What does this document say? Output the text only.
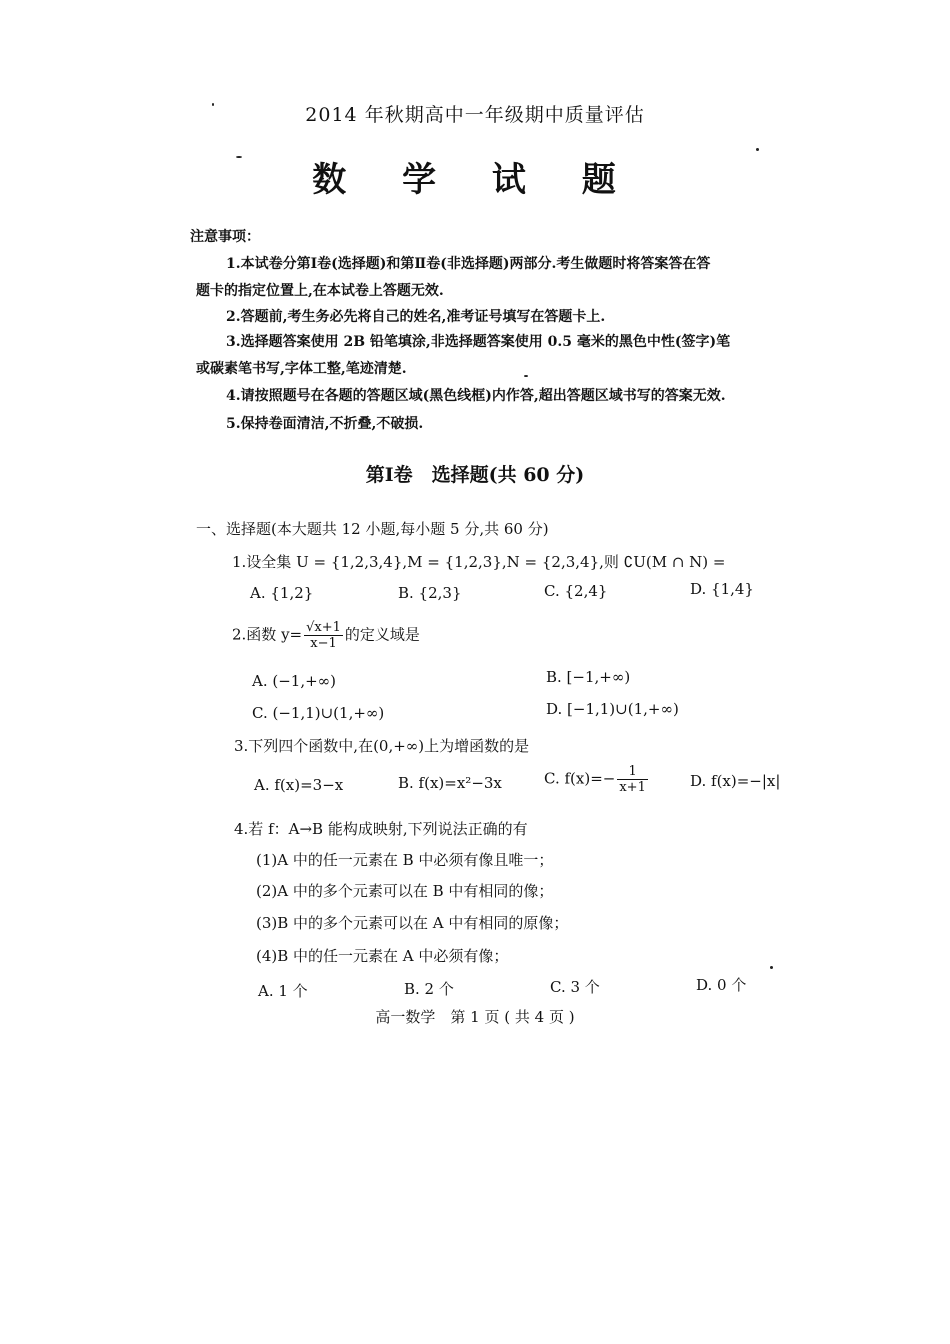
2014 年秋期高中一年级期中质量评估
数 学 试 题
注意事项：
1.本试卷分第Ⅰ卷(选择题)和第Ⅱ卷(非选择题)两部分.考生做题时将答案答在答
题卡的指定位置上,在本试卷上答题无效.
2.答题前,考生务必先将自己的姓名,准考证号填写在答题卡上.
3.选择题答案使用 2B 铅笔填涂,非选择题答案使用 0.5 毫米的黑色中性(签字)笔
或碳素笔书写,字体工整,笔迹清楚.
4.请按照题号在各题的答题区域(黑色线框)内作答,超出答题区域书写的答案无效.
5.保持卷面清洁,不折叠,不破损.
第Ⅰ卷　选择题(共 60 分)
一、选择题(本大题共 12 小题,每小题 5 分,共 60 分)
1.设全集 U = {1,2,3,4},M = {1,2,3},N = {2,3,4},则 ∁U(M ∩ N) =
A. {1,2}	B. {2,3}	C. {2,4}	D. {1,4}
2.函数 $y= \frac{√x+1}{x-1}$ 的定义域是
A. (−1,+∞)	B. [−1,+∞)
C. (−1,1)∪(1,+∞)	D. [−1,1)∪(1,+∞)
3.下列四个函数中,在(0,+∞)上为增函数的是
A. f(x)=3−x	B. f(x)=x²−3x	C. $f(x)=- \frac{1}{x+1}$	D. f(x)=−|x|
4.若 f：A→B 能构成映射,下列说法正确的有
(1)A 中的任一元素在 B 中必须有像且唯一；
(2)A 中的多个元素可以在 B 中有相同的像；
(3)B 中的多个元素可以在 A 中有相同的原像；
(4)B 中的任一元素在 A 中必须有像；
A. 1 个	B. 2 个	C. 3 个	D. 0 个
高一数学　第 1 页 ( 共 4 页 )
